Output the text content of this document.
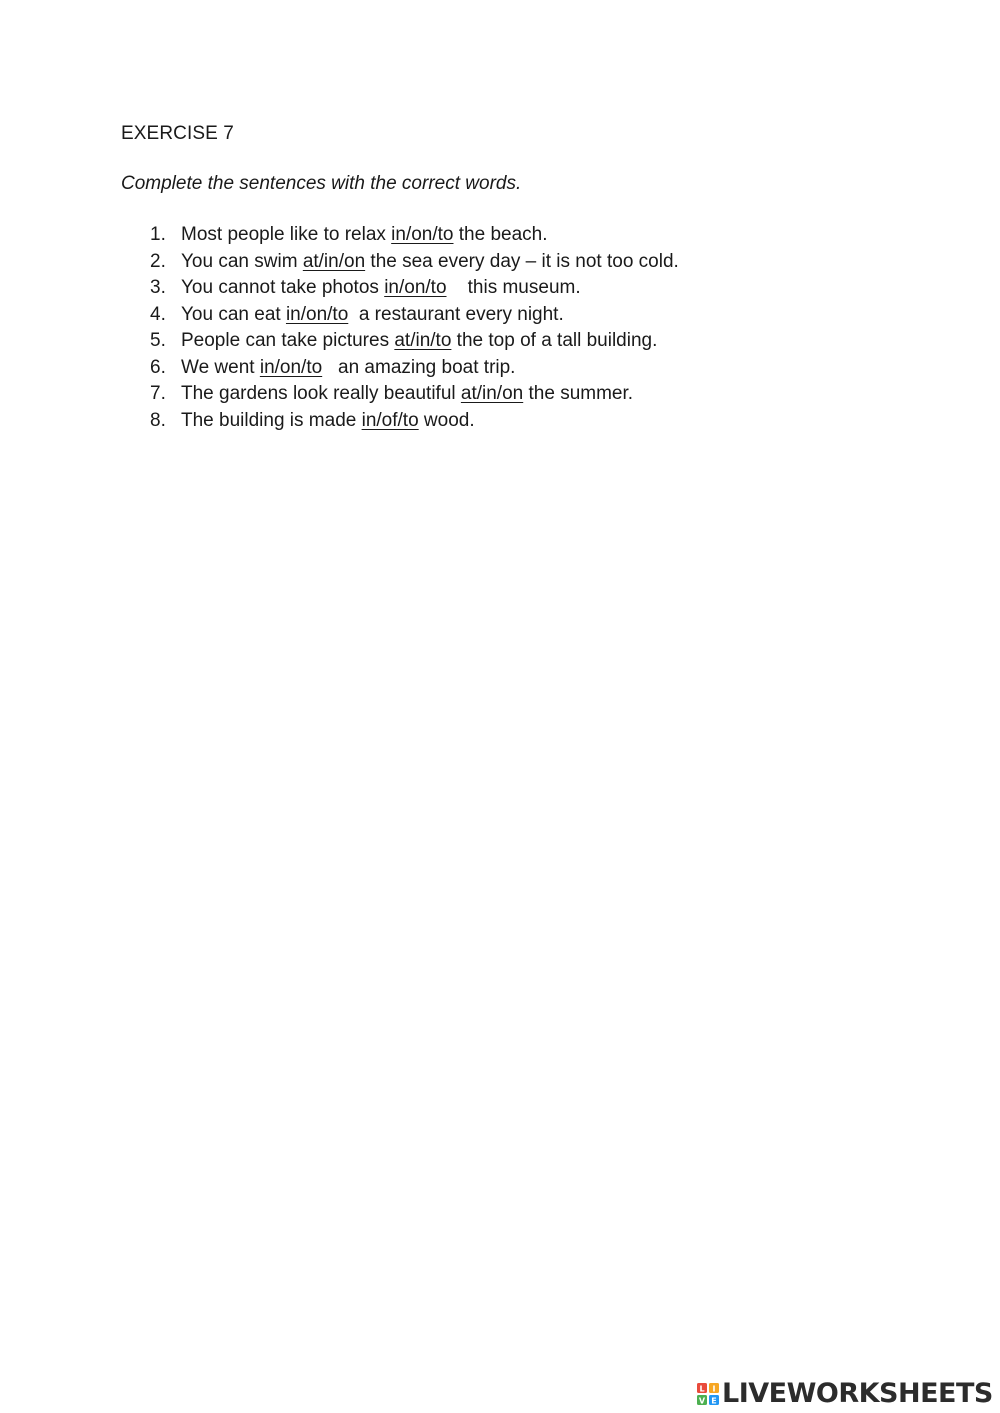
EXERCISE 7
Complete the sentences with the correct words.
1. Most people like to relax in/on/to the beach.
2. You can swim at/in/on the sea every day – it is not too cold.
3. You cannot take photos in/on/to this museum.
4. You can eat in/on/to a restaurant every night.
5. People can take pictures at/in/to the top of a tall building.
6. We went in/on/to an amazing boat trip.
7. The gardens look really beautiful at/in/on the summer.
8. The building is made in/of/to wood.
L I
V E LIVEWORKSHEETS
